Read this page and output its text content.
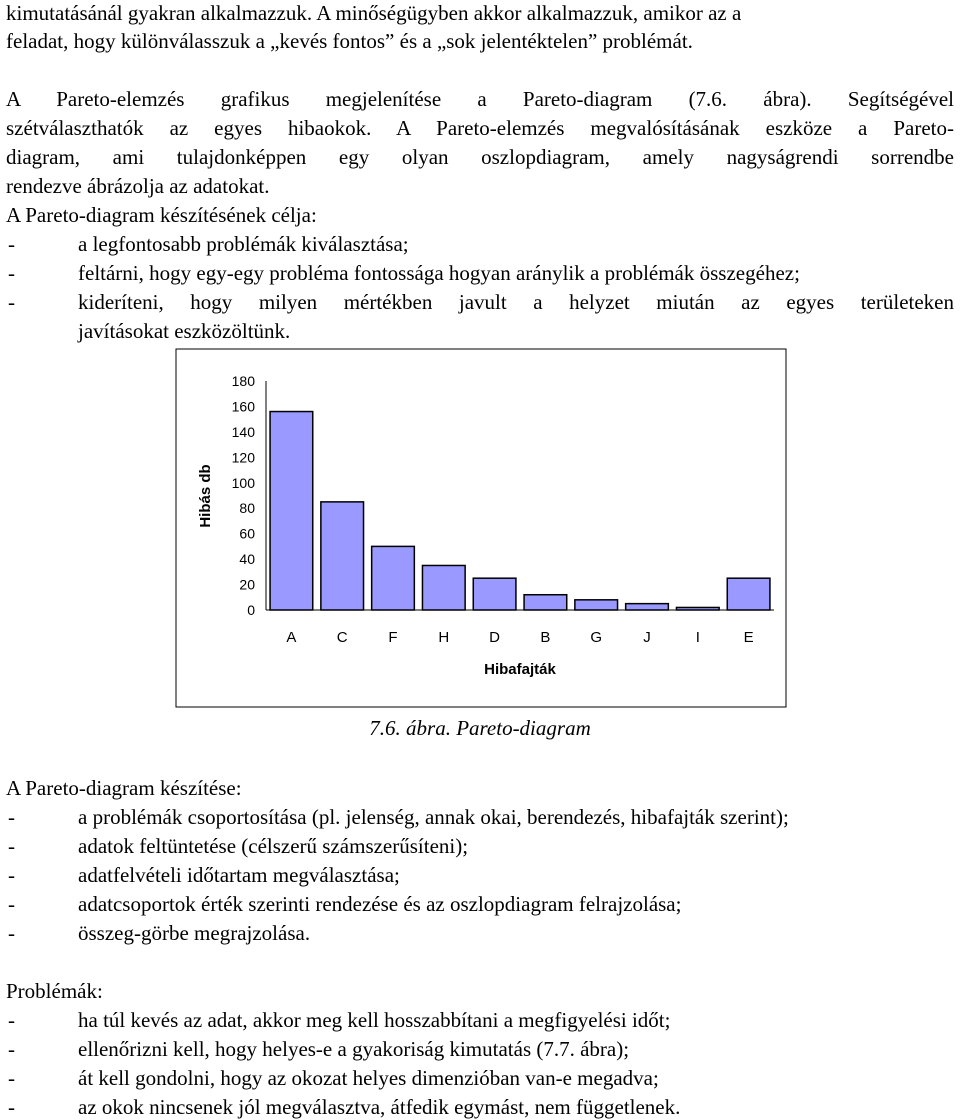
kimutatásánál gyakran alkalmazzuk. A minőségügyben akkor alkalmazzuk, amikor az a
feladat, hogy különválasszuk a „kevés fontos” és a „sok jelentéktelen” problémát.
A Pareto-elemzés grafikus megjelenítése a Pareto-diagram (7.6. ábra). Segítségével
szétválaszthatók az egyes hibaokok. A Pareto-elemzés megvalósításának eszköze a Pareto-
diagram, ami tulajdonképpen egy olyan oszlopdiagram, amely nagyságrendi sorrendbe
rendezve ábrázolja az adatokat.
A Pareto-diagram készítésének célja:
-	a legfontosabb problémák kiválasztása;
-	feltárni, hogy egy-egy probléma fontossága hogyan aránylik a problémák összegéhez;
-	kideríteni, hogy milyen mértékben javult a helyzet miután az egyes területeken
javításokat eszközöltünk.
0
20
40
60
80
100
120
140
160
180
A	C	F	H	D	B	G	J	I	E
Hibafajták
Hibás db
7.6. ábra. Pareto-diagram
A Pareto-diagram készítése:
-	a problémák csoportosítása (pl. jelenség, annak okai, berendezés, hibafajták szerint);
-	adatok feltüntetése (célszerű számszerűsíteni);
-	adatfelvételi időtartam megválasztása;
-	adatcsoportok érték szerinti rendezése és az oszlopdiagram felrajzolása;
-	összeg-görbe megrajzolása.
Problémák:
-	ha túl kevés az adat, akkor meg kell hosszabbítani a megfigyelési időt;
-	ellenőrizni kell, hogy helyes-e a gyakoriság kimutatás (7.7. ábra);
-	át kell gondolni, hogy az okozat helyes dimenzióban van-e megadva;
-	az okok nincsenek jól megválasztva, átfedik egymást, nem függetlenek.
